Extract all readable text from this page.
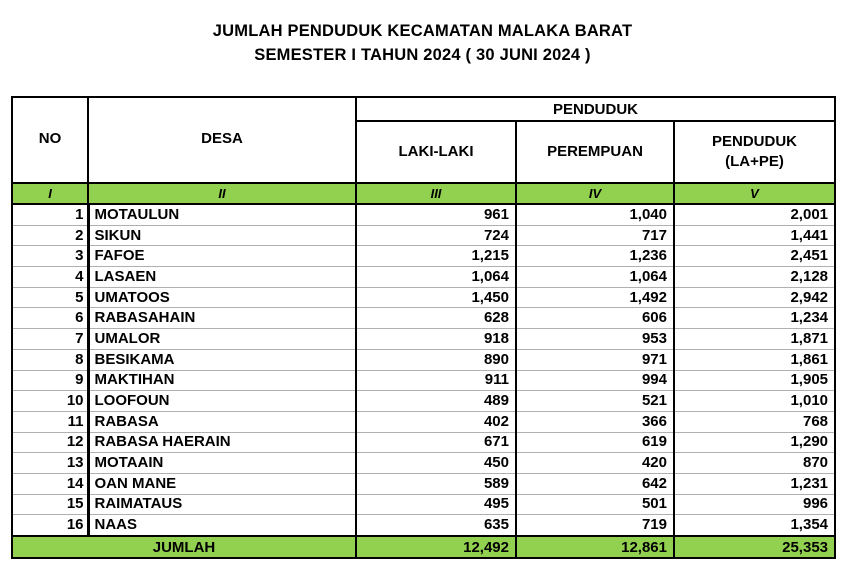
JUMLAH PENDUDUK KECAMATAN MALAKA BARAT
SEMESTER I TAHUN 2024 ( 30 JUNI 2024 )
NO	DESA	PENDUDUK		
		LAKI-LAKI	PEREMPUAN	PENDUDUK
(LA+PE)

I	II	III	IV	V
1	MOTAULUN	961	1,040	2,001
2	SIKUN	724	717	1,441
3	FAFOE	1,215	1,236	2,451
4	LASAEN	1,064	1,064	2,128
5	UMATOOS	1,450	1,492	2,942
6	RABASAHAIN	628	606	1,234
7	UMALOR	918	953	1,871
8	BESIKAMA	890	971	1,861
9	MAKTIHAN	911	994	1,905
10	LOOFOUN	489	521	1,010
11	RABASA	402	366	768
12	RABASA HAERAIN	671	619	1,290
13	MOTAAIN	450	420	870
14	OAN MANE	589	642	1,231
15	RAIMATAUS	495	501	996
16	NAAS	635	719	1,354
JUMLAH		12,492	12,861	25,353
